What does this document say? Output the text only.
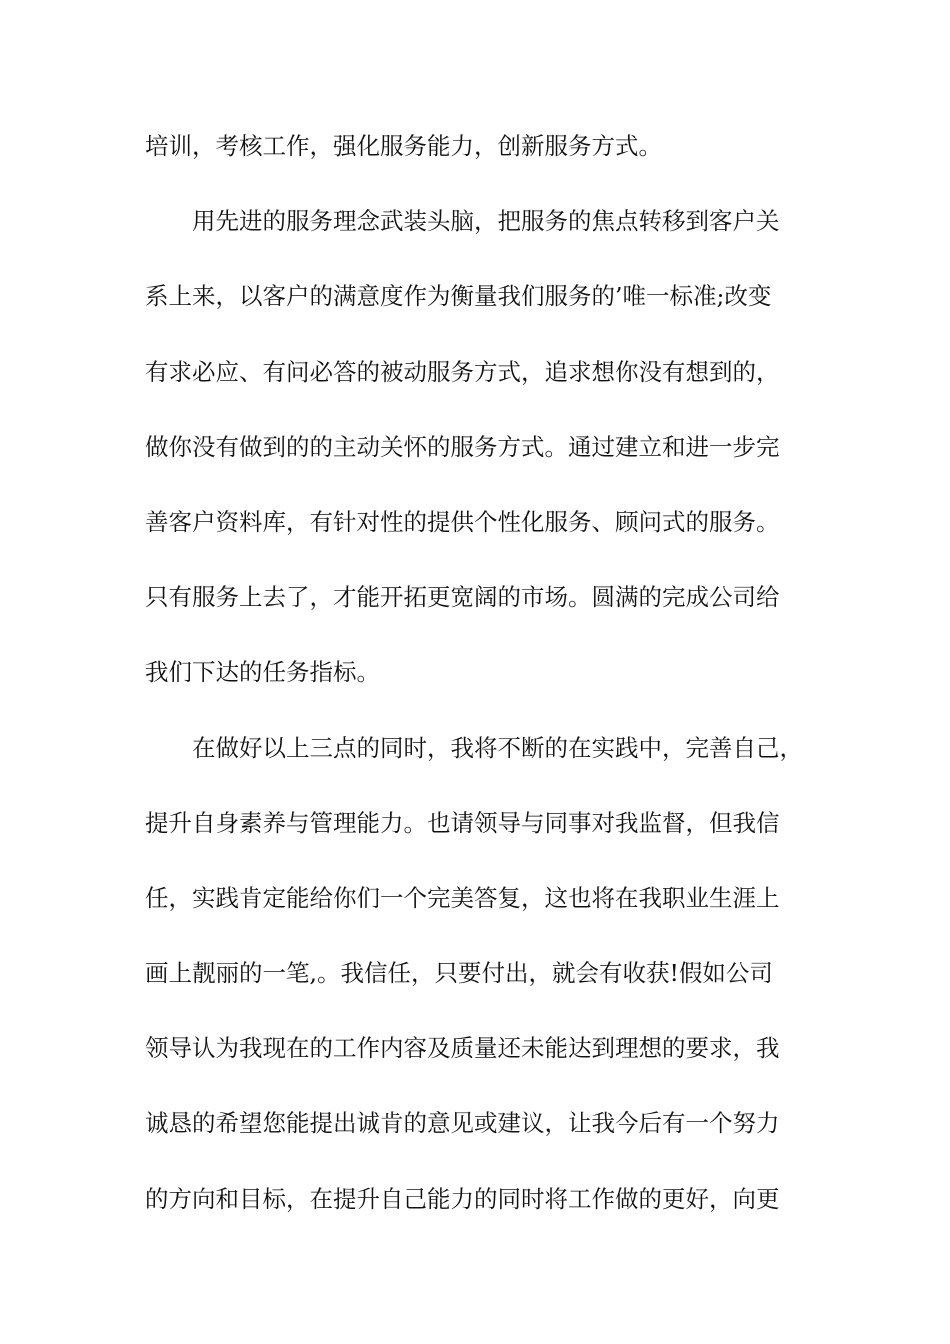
培训，考核工作，强化服务能力，创新服务方式。
用先进的服务理念武装头脑，把服务的焦点转移到客户关
系上来，以客户的满意度作为衡量我们服务的’唯一标准;改变
有求必应、有问必答的被动服务方式，追求想你没有想到的，
做你没有做到的的主动关怀的服务方式。通过建立和进一步完
善客户资料库，有针对性的提供个性化服务、顾问式的服务。
只有服务上去了，才能开拓更宽阔的市场。圆满的完成公司给
我们下达的任务指标。
在做好以上三点的同时，我将不断的在实践中，完善自己，
提升自身素养与管理能力。也请领导与同事对我监督，但我信
任，实践肯定能给你们一个完美答复，这也将在我职业生涯上
画上靓丽的一笔,。我信任，只要付出，就会有收获!假如公司
领导认为我现在的工作内容及质量还未能达到理想的要求，我
诚恳的希望您能提出诚肯的意见或建议，让我今后有一个努力
的方向和目标，在提升自己能力的同时将工作做的更好，向更
